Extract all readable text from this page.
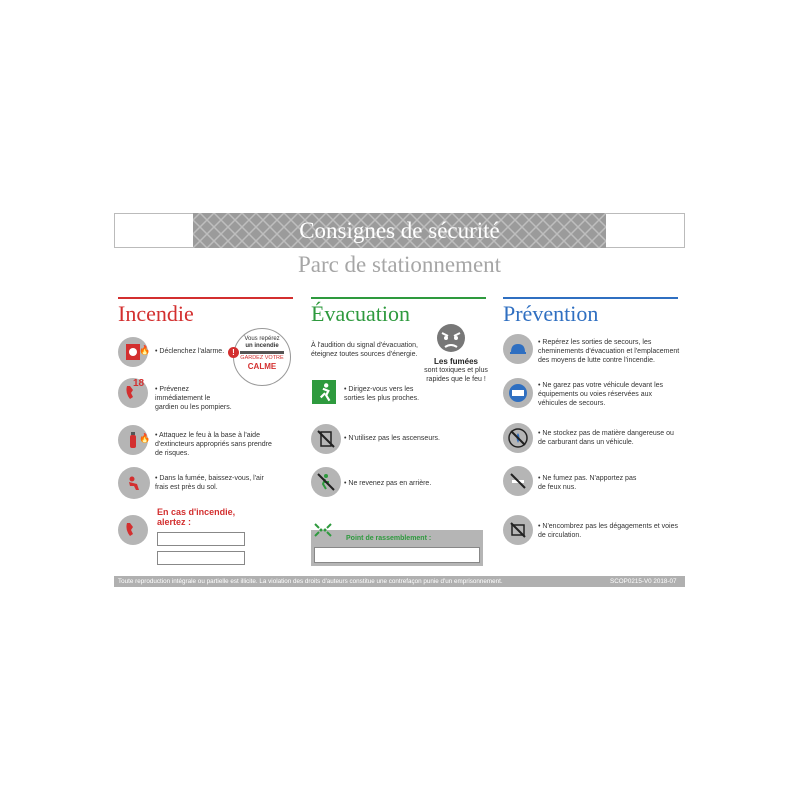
Consignes de sécurité
Parc de stationnement
Incendie
Vous repérez
un incendie
GARDEZ VOTRE
CALME
!
🔥 • Déclenchez l'alarme.
18
• Prévenez immédiatement le gardien ou les pompiers.
🔥 • Attaquez le feu à la base à l'aide d'extincteurs appropriés sans prendre de risques.
• Dans la fumée, baissez-vous, l'air frais est près du sol.
En cas d'incendie, alertez :
Évacuation
À l'audition du signal d'évacuation, éteignez toutes sources d'énergie.
Les fumées
sont toxiques et plus rapides que le feu !
• Dirigez-vous vers les sorties les plus proches.
• N'utilisez pas les ascenseurs.
• Ne revenez pas en arrière.
Point de rassemblement :
Prévention
• Repérez les sorties de secours, les cheminements d'évacuation et l'emplacement des moyens de lutte contre l'incendie.
• Ne garez pas votre véhicule devant les équipements ou voies réservées aux véhicules de secours.
• Ne stockez pas de matière dangereuse ou de carburant dans un véhicule.
• Ne fumez pas. N'apportez pas de feux nus.
• N'encombrez pas les dégagements et voies de circulation.
Toute reproduction intégrale ou partielle est illicite. La violation des droits d'auteurs constitue une contrefaçon punie d'un emprisonnement.	SCOP0215-V0 2018-07
